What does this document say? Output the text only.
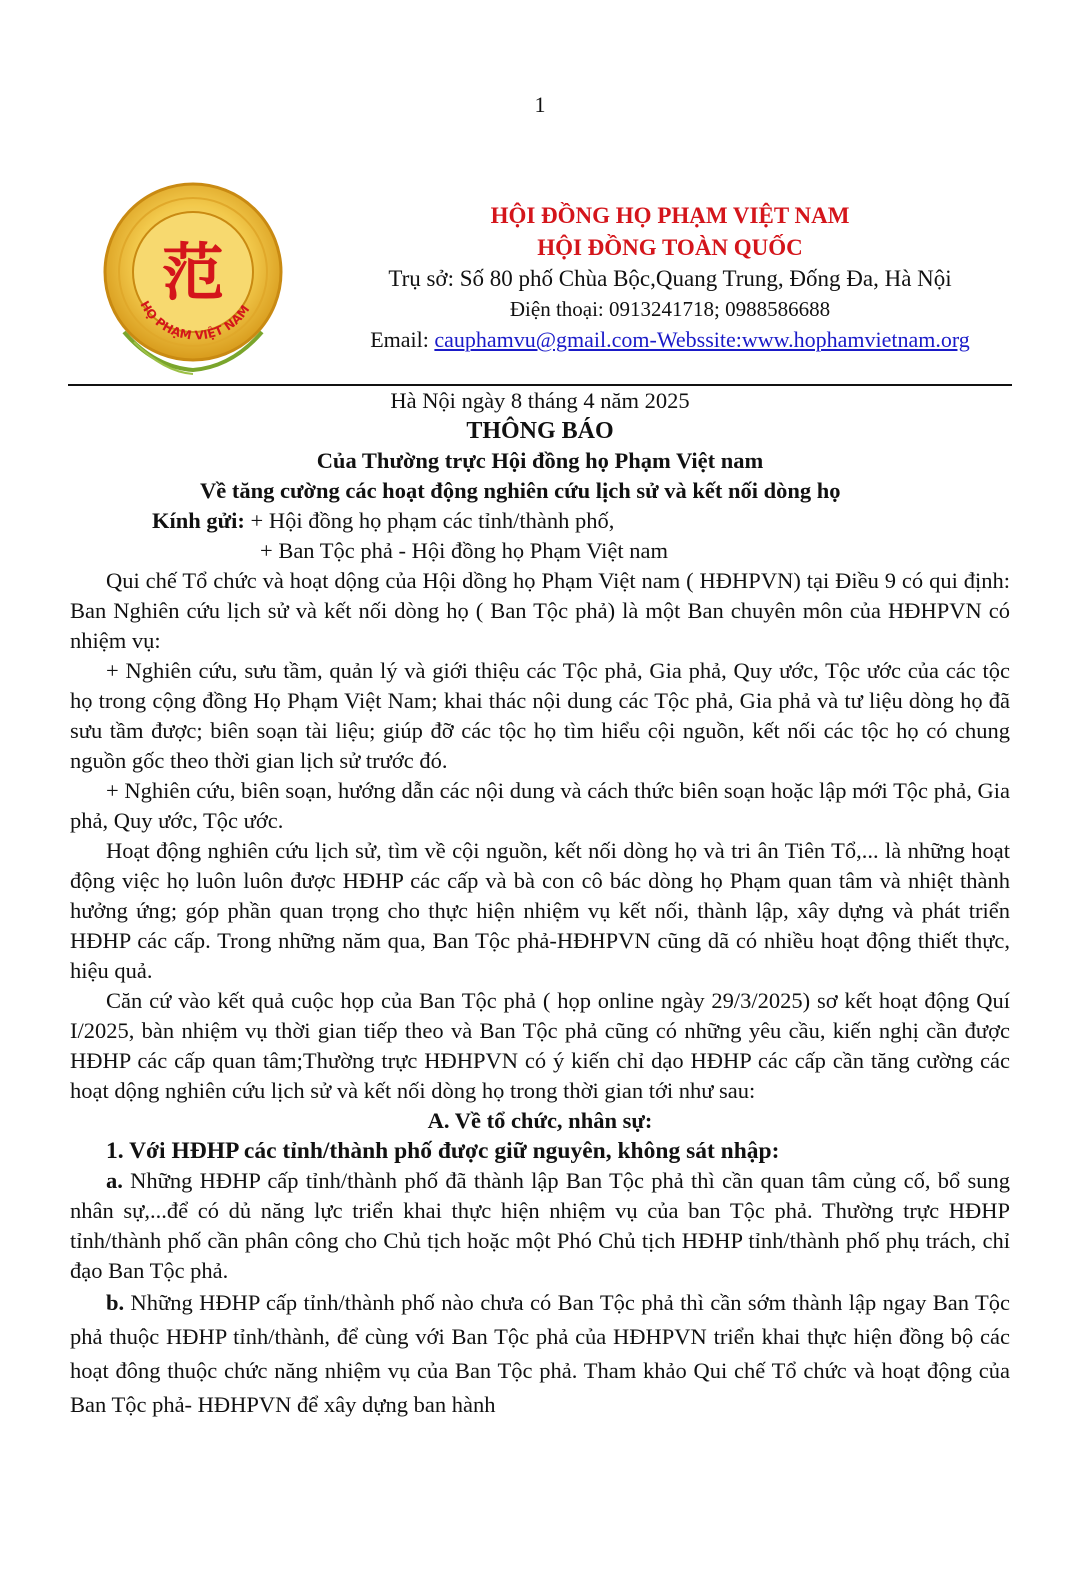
1
范
HỌ PHẠM VIỆT NAM
HỘI ĐỒNG HỌ PHẠM VIỆT NAM
HỘI ĐỒNG TOÀN QUỐC
Trụ sở: Số 80 phố Chùa Bộc,Quang Trung, Đống Đa, Hà Nội
Điện thoại: 0913241718; 0988586688
Email: cauphamvu@gmail.com-Webssite:www.hophamvietnam.org
Hà Nội ngày 8 tháng 4 năm 2025
THÔNG BÁO
Của Thường trực Hội đồng họ Phạm Việt nam
Về tăng cường các hoạt động nghiên cứu lịch sử và kết nối dòng họ
Kính gửi: + Hội đồng họ phạm các tỉnh/thành phố,
+ Ban Tộc phả - Hội đồng họ Phạm Việt nam
Qui chế Tổ chức và hoạt dộng của Hội dồng họ Phạm Việt nam ( HĐHPVN) tại Điều 9 có qui định: Ban Nghiên cứu lịch sử và kết nối dòng họ ( Ban Tộc phả) là một Ban chuyên môn của HĐHPVN có nhiệm vụ:
+ Nghiên cứu, sưu tầm, quản lý và giới thiệu các Tộc phả, Gia phả, Quy ước, Tộc ước của các tộc họ trong cộng đồng Họ Phạm Việt Nam; khai thác nội dung các Tộc phả, Gia phả và tư liệu dòng họ đã sưu tầm được; biên soạn tài liệu; giúp đỡ các tộc họ tìm hiểu cội nguồn, kết nối các tộc họ có chung nguồn gốc theo thời gian lịch sử trước đó.
+ Nghiên cứu, biên soạn, hướng dẫn các nội dung và cách thức biên soạn hoặc lập mới Tộc phả, Gia phả, Quy ước, Tộc ước.
Hoạt động nghiên cứu lịch sử, tìm về cội nguồn, kết nối dòng họ và tri ân Tiên Tổ,... là những hoạt động việc họ luôn luôn được HĐHP các cấp và bà con cô bác dòng họ Phạm quan tâm và nhiệt thành hưởng ứng; góp phần quan trọng cho thực hiện nhiệm vụ kết nối, thành lập, xây dựng và phát triển HĐHP các cấp. Trong những năm qua, Ban Tộc phả-HĐHPVN cũng dã có nhiều hoạt động thiết thực, hiệu quả.
Căn cứ vào kết quả cuộc họp của Ban Tộc phả ( họp online ngày 29/3/2025) sơ kết hoạt động Quí I/2025, bàn nhiệm vụ thời gian tiếp theo và Ban Tộc phả cũng có những yêu cầu, kiến nghị cần được HĐHP các cấp quan tâm;Thường trực HĐHPVN có ý kiến chỉ dạo HĐHP các cấp cần tăng cường các hoạt dộng nghiên cứu lịch sử và kết nối dòng họ trong thời gian tới như sau:
A. Về tổ chức, nhân sự:
1. Với HĐHP các tỉnh/thành phố được giữ nguyên, không sát nhập:
a. Những HĐHP cấp tỉnh/thành phố đã thành lập Ban Tộc phả thì cần quan tâm củng cố, bổ sung nhân sự,...để có dủ năng lực triển khai thực hiện nhiệm vụ của ban Tộc phả. Thường trực HĐHP tỉnh/thành phố cần phân công cho Chủ tịch hoặc một Phó Chủ tịch HĐHP tỉnh/thành phố phụ trách, chỉ đạo Ban Tộc phả.
b. Những HĐHP cấp tỉnh/thành phố nào chưa có Ban Tộc phả thì cần sớm thành lập ngay Ban Tộc phả thuộc HĐHP tỉnh/thành, để cùng với Ban Tộc phả của HĐHPVN triển khai thực hiện đồng bộ các hoạt đông thuộc chức năng nhiệm vụ của Ban Tộc phả. Tham khảo Qui chế Tổ chức và hoạt động của Ban Tộc phả- HĐHPVN để xây dựng ban hành
